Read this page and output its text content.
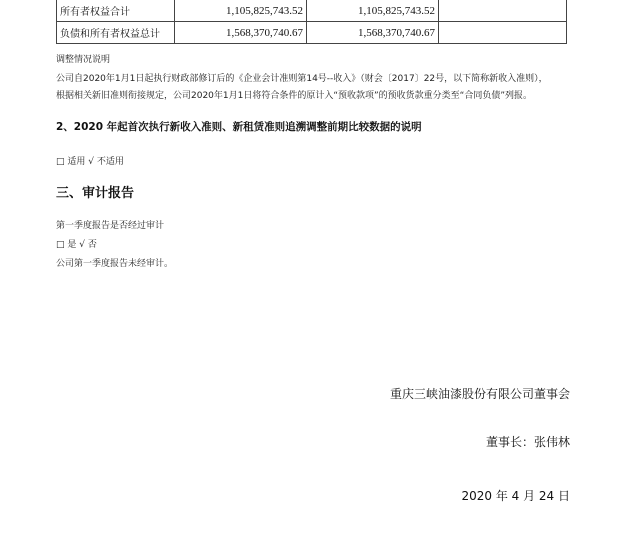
所有者权益合计	1,105,825,743.52	1,105,825,743.52	
负债和所有者权益总计	1,568,370,740.67	1,568,370,740.67	
调整情况说明
公司自2020年1月1日起执行财政部修订后的《企业会计准则第14号--收入》（财会〔2017〕22号，以下简称新收入准则），
根据相关新旧准则衔接规定，公司2020年1月1日将符合条件的原计入“预收款项”的预收货款重分类至“合同负债”列报。
2、2020 年起首次执行新收入准则、新租赁准则追溯调整前期比较数据的说明
□ 适用 √ 不适用
三、审计报告
第一季度报告是否经过审计
□ 是 √ 否
公司第一季度报告未经审计。
重庆三峡油漆股份有限公司董事会
董事长：张伟林
2020 年 4 月 24 日
